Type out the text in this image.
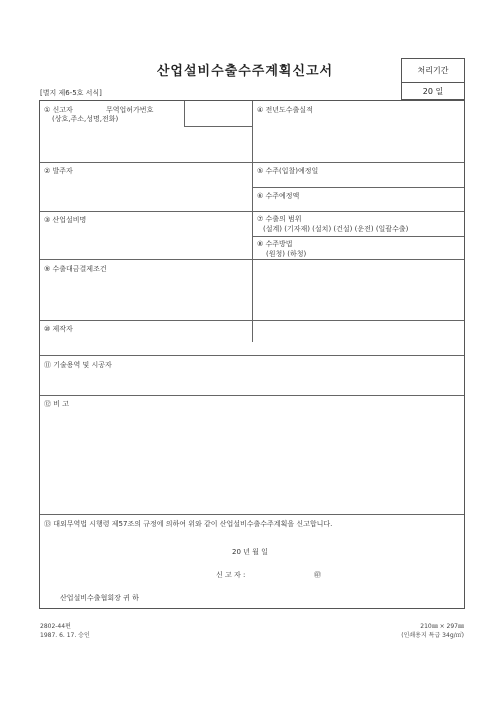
산업설비수출수주계획신고서
[별지 제6-5호 서식]
처리기간
20 일
① 신고자	무역업허가번호
(상호,주소,성명,전화)
④ 전년도수출실적
② 발주자	⑤ 수주(입찰)예정일
⑥ 수주예정액
③ 산업설비명	⑦ 수출의 범위
(설계) (기자재) (설치) (건설) (운전) (일괄수출)
⑧ 수주방법
(원청) (하청)
⑨ 수출대금결제조건
⑩ 제작자
⑪ 기술용역 및 시공자
⑫ 비 고
⑬ 대외무역법 시행령 제57조의 규정에 의하여 위와 같이 산업설비수출수주계획을 신고합니다.
20 년 월 일
신 고 자 :	㊞
산업설비수출협회장 귀 하
2802-44편
1987. 6. 17. 승인
210㎜ × 297㎜
(인쇄용지 특급 34g/㎡)
